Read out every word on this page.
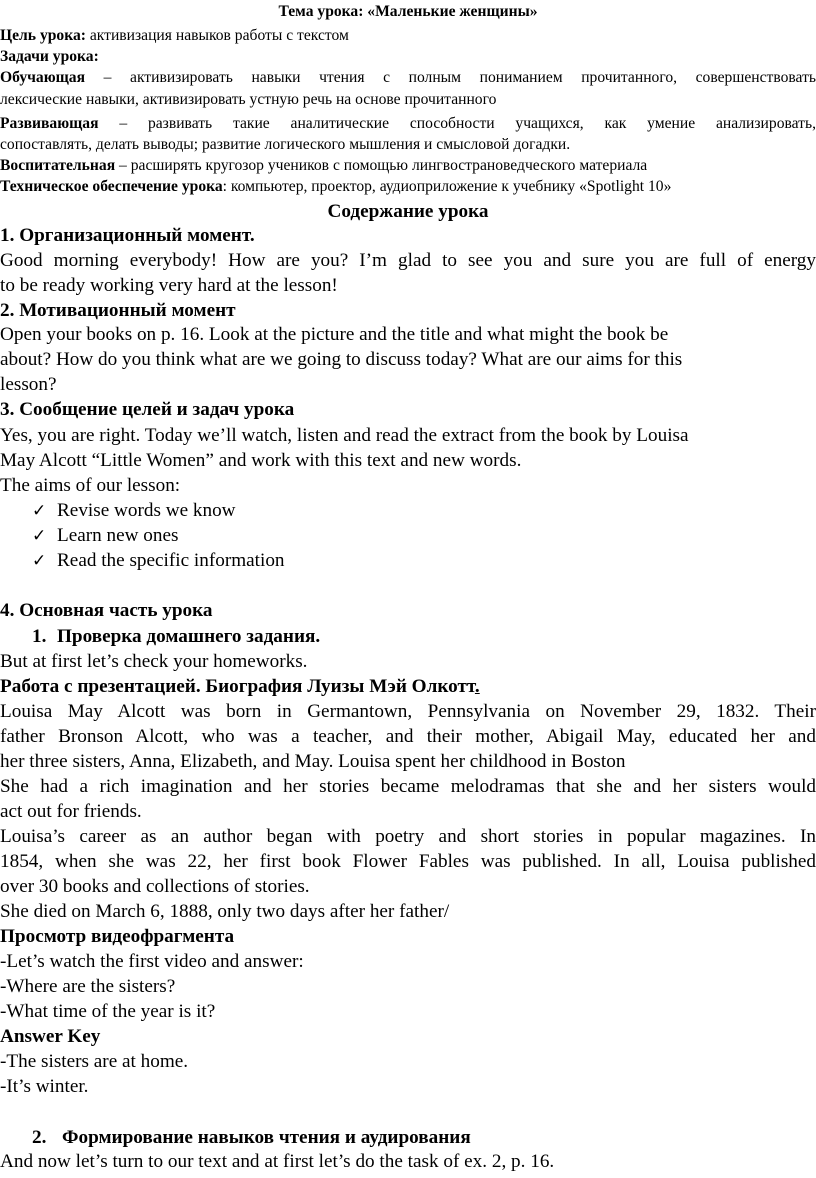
Тема урока: «Маленькие женщины»
Цель урока: активизация навыков работы с текстом
Задачи урока:
Обучающая – активизировать навыки чтения с полным пониманием прочитанного, совершенствовать
лексические навыки, активизировать устную речь на основе прочитанного
Развивающая – развивать такие аналитические способности учащихся, как умение анализировать,
сопоставлять, делать выводы; развитие логического мышления и смысловой догадки.
Воспитательная – расширять кругозор учеников с помощью лингвострановедческого материала
Техническое обеспечение урока: компьютер, проектор, аудиоприложение к учебнику «Spotlight 10»
Содержание урока
1. Организационный момент.
Good morning everybody! How are you? I’m glad to see you and sure you are full of energy
to be ready working very hard at the lesson!
2. Мотивационный момент
Open your books on p. 16. Look at the picture and the title and what might the book be
about? How do you think what are we going to discuss today? What are our aims for this
lesson?
3. Сообщение целей и задач урока
Yes, you are right. Today we’ll watch, listen and read the extract from the book by Louisa
May Alcott “Little Women” and work with this text and new words.
The aims of our lesson:
✓ Revise words we know
✓ Learn new ones
✓ Read the specific information
4. Основная часть урока
1. Проверка домашнего задания.
But at first let’s check your homeworks.
Работа с презентацией. Биография Луизы Мэй Олкотт.
Louisa May Alcott was born in Germantown, Pennsylvania on November 29, 1832. Their
father Bronson Alcott, who was a teacher, and their mother, Abigail May, educated her and
her three sisters, Anna, Elizabeth, and May. Louisa spent her childhood in Boston
She had a rich imagination and her stories became melodramas that she and her sisters would
act out for friends.
Louisa’s career as an author began with poetry and short stories in popular magazines. In
1854, when she was 22, her first book Flower Fables was published. In all, Louisa published
over 30 books and collections of stories.
She died on March 6, 1888, only two days after her father/
Просмотр видеофрагмента
-Let’s watch the first video and answer:
-Where are the sisters?
-What time of the year is it?
Answer Key
-The sisters are at home.
-It’s winter.
2. Формирование навыков чтения и аудирования
And now let’s turn to our text and at first let’s do the task of ex. 2, p. 16.
